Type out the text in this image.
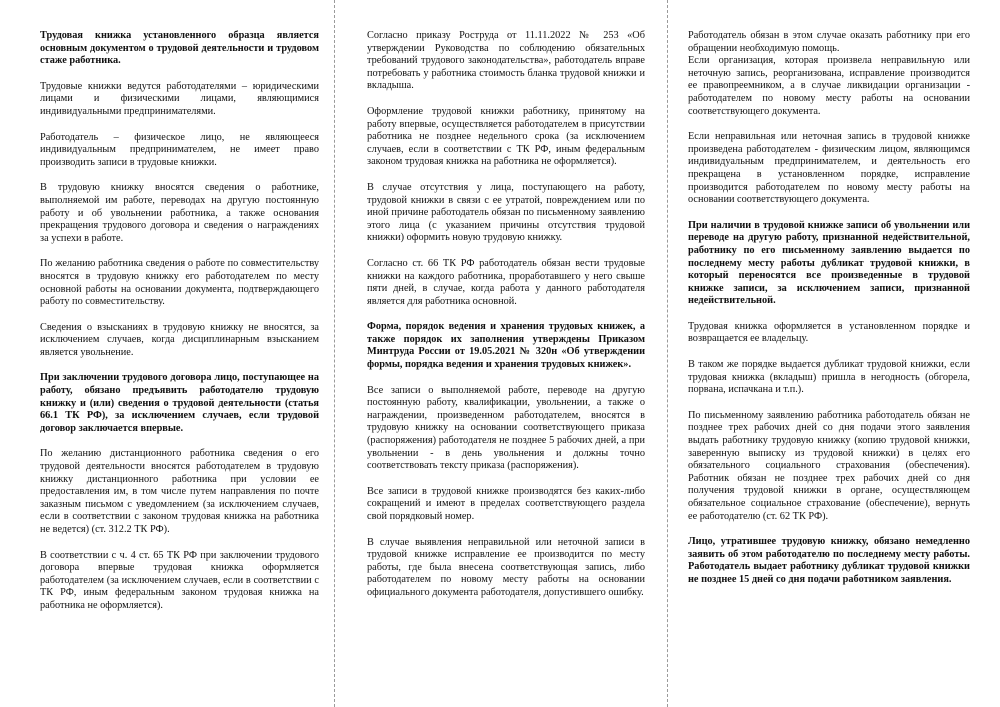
Трудовая книжка установленного образца является основным документом о трудовой деятельности и трудовом стаже работника.

Трудовые книжки ведутся работодателями – юридическими лицами и физическими лицами, являющимися индивидуальными предпринимателями.

Работодатель – физическое лицо, не являющееся индивидуальным предпринимателем, не имеет право производить записи в трудовые книжки.

В трудовую книжку вносятся сведения о работнике, выполняемой им работе, переводах на другую постоянную работу и об увольнении работника, а также основания прекращения трудового договора и сведения о награждениях за успехи в работе.

По желанию работника сведения о работе по совместительству вносятся в трудовую книжку его работодателем по месту основной работы на основании документа, подтверждающего работу по совместительству.

Сведения о взысканиях в трудовую книжку не вносятся, за исключением случаев, когда дисциплинарным взысканием является увольнение.

При заключении трудового договора лицо, поступающее на работу, обязано предъявить работодателю трудовую книжку и (или) сведения о трудовой деятельности (статья 66.1 ТК РФ), за исключением случаев, если трудовой договор заключается впервые.

По желанию дистанционного работника сведения о его трудовой деятельности вносятся работодателем в трудовую книжку дистанционного работника при условии ее предоставления им, в том числе путем направления по почте заказным письмом с уведомлением (за исключением случаев, если в соответствии с законом трудовая книжка на работника не ведется) (ст. 312.2 ТК РФ).

В соответствии с ч. 4 ст. 65 ТК РФ при заключении трудового договора впервые трудовая книжка оформляется работодателем (за исключением случаев, если в соответствии с ТК РФ, иным федеральным законом трудовая книжка на работника не оформляется).

Согласно приказу Роструда от 11.11.2022 № 253 «Об утверждении Руководства по соблюдению обязательных требований трудового законодательства», работодатель вправе потребовать у работника стоимость бланка трудовой книжки и вкладыша.

Оформление трудовой книжки работнику, принятому на работу впервые, осуществляется работодателем в присутствии работника не позднее недельного срока (за исключением случаев, если в соответствии с ТК РФ, иным федеральным законом трудовая книжка на работника не оформляется).

В случае отсутствия у лица, поступающего на работу, трудовой книжки в связи с ее утратой, повреждением или по иной причине работодатель обязан по письменному заявлению этого лица (с указанием причины отсутствия трудовой книжки) оформить новую трудовую книжку.

Согласно ст. 66 ТК РФ работодатель обязан вести трудовые книжки на каждого работника, проработавшего у него свыше пяти дней, в случае, когда работа у данного работодателя является для работника основной.

Форма, порядок ведения и хранения трудовых книжек, а также порядок их заполнения утверждены Приказом Минтруда России от 19.05.2021 № 320н «Об утверждении формы, порядка ведения и хранения трудовых книжек».

Все записи о выполняемой работе, переводе на другую постоянную работу, квалификации, увольнении, а также о награждении, произведенном работодателем, вносятся в трудовую книжку на основании соответствующего приказа (распоряжения) работодателя не позднее 5 рабочих дней, а при увольнении - в день увольнения и должны точно соответствовать тексту приказа (распоряжения).

Все записи в трудовой книжке производятся без каких-либо сокращений и имеют в пределах соответствующего раздела свой порядковый номер.

В случае выявления неправильной или неточной записи в трудовой книжке исправление ее производится по месту работы, где была внесена соответствующая запись, либо работодателем по новому месту работы на основании официального документа работодателя, допустившего ошибку.

Работодатель обязан в этом случае оказать работнику при его обращении необходимую помощь.

Если организация, которая произвела неправильную или неточную запись, реорганизована, исправление производится ее правопреемником, а в случае ликвидации организации - работодателем по новому месту работы на основании соответствующего документа.

Если неправильная или неточная запись в трудовой книжке произведена работодателем - физическим лицом, являющимся индивидуальным предпринимателем, и деятельность его прекращена в установленном порядке, исправление производится работодателем по новому месту работы на основании соответствующего документа.

При наличии в трудовой книжке записи об увольнении или переводе на другую работу, признанной недействительной, работнику по его письменному заявлению выдается по последнему месту работы дубликат трудовой книжки, в который переносятся все произведенные в трудовой книжке записи, за исключением записи, признанной недействительной.

Трудовая книжка оформляется в установленном порядке и возвращается ее владельцу.

В таком же порядке выдается дубликат трудовой книжки, если трудовая книжка (вкладыш) пришла в негодность (обгорела, порвана, испачкана и т.п.).

По письменному заявлению работника работодатель обязан не позднее трех рабочих дней со дня подачи этого заявления выдать работнику трудовую книжку (копию трудовой книжки, заверенную выписку из трудовой книжки) в целях его обязательного социального страхования (обеспечения). Работник обязан не позднее трех рабочих дней со дня получения трудовой книжки в органе, осуществляющем обязательное социальное страхование (обеспечение), вернуть ее работодателю (ст. 62 ТК РФ).

Лицо, утратившее трудовую книжку, обязано немедленно заявить об этом работодателю по последнему месту работы. Работодатель выдает работнику дубликат трудовой книжки не позднее 15 дней со дня подачи работником заявления.
